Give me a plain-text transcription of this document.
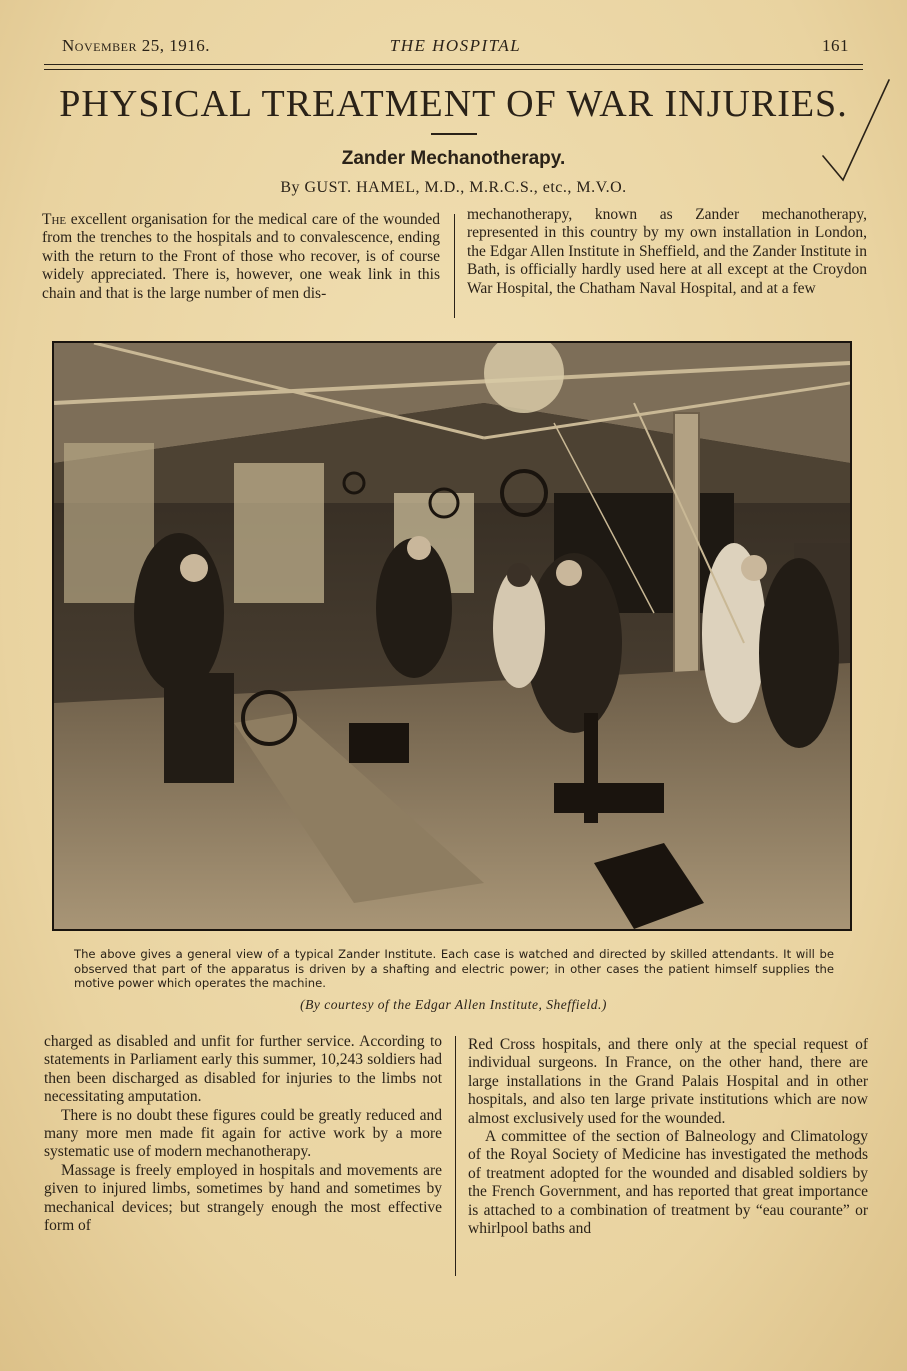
November 25, 1916.	THE HOSPITAL	161
PHYSICAL TREATMENT OF WAR INJURIES.
Zander Mechanotherapy.
By GUST. HAMEL, M.D., M.R.C.S., etc., M.V.O.

The excellent organisation for the medical care of the wounded from the trenches to the hospitals and to convalescence, ending with the return to the Front of those who recover, is of course widely appreciated. There is, however, one weak link in this chain and that is the large number of men dis-

mechanotherapy, known as Zander mechanotherapy, represented in this country by my own installation in London, the Edgar Allen Institute in Sheffield, and the Zander Institute in Bath, is officially hardly used here at all except at the Croydon War Hospital, the Chatham Naval Hospital, and at a few

The above gives a general view of a typical Zander Institute. Each case is watched and directed by skilled attendants. It will be observed that part of the apparatus is driven by a shafting and electric power; in other cases the patient himself supplies the motive power which operates the machine.

(By courtesy of the Edgar Allen Institute, Sheffield.)

charged as disabled and unfit for further service. According to statements in Parliament early this summer, 10,243 soldiers had then been discharged as disabled for injuries to the limbs not necessitating amputation.

There is no doubt these figures could be greatly reduced and many more men made fit again for active work by a more systematic use of modern mechanotherapy.

Massage is freely employed in hospitals and movements are given to injured limbs, sometimes by hand and sometimes by mechanical devices; but strangely enough the most effective form of

Red Cross hospitals, and there only at the special request of individual surgeons. In France, on the other hand, there are large installations in the Grand Palais Hospital and in other hospitals, and also ten large private institutions which are now almost exclusively used for the wounded.

A committee of the section of Balneology and Climatology of the Royal Society of Medicine has investigated the methods of treatment adopted for the wounded and disabled soldiers by the French Government, and has reported that great importance is attached to a combination of treatment by “eau courante” or whirlpool baths and
